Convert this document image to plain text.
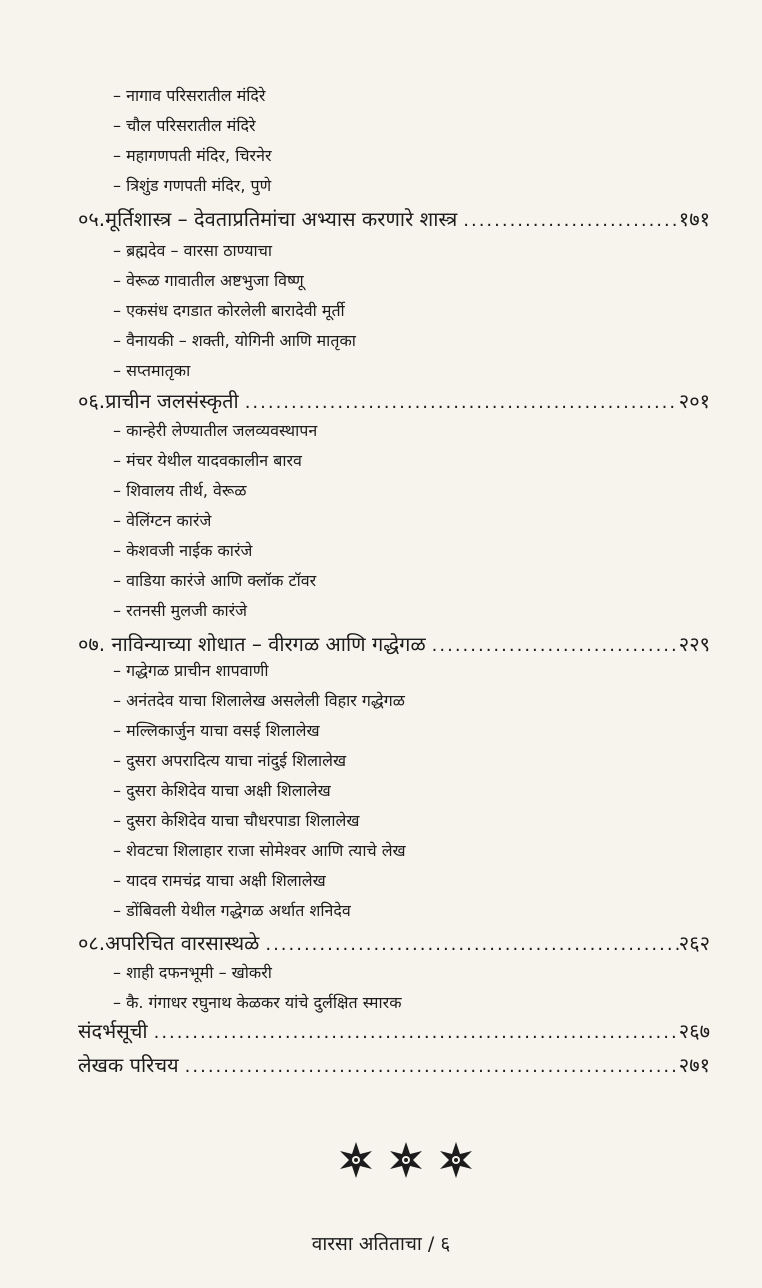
– नागाव परिसरातील मंदिरे
– चौल परिसरातील मंदिरे
– महागणपती मंदिर, चिरनेर
– त्रिशुंड गणपती मंदिर, पुणे
०५.मूर्तिशास्त्र – देवताप्रतिमांचा अभ्यास करणारे शास्त्र .....	१७१
– ब्रह्मदेव – वारसा ठाण्याचा
– वेरूळ गावातील अष्टभुजा विष्णू
– एकसंध दगडात कोरलेली बारादेवी मूर्ती
– वैनायकी – शक्ती, योगिनी आणि मातृका
– सप्तमातृका
०६.प्राचीन जलसंस्कृती .....	२०१
– कान्हेरी लेण्यातील जलव्यवस्थापन
– मंचर येथील यादवकालीन बारव
– शिवालय तीर्थ, वेरूळ
– वेलिंग्टन कारंजे
– केशवजी नाईक कारंजे
– वाडिया कारंजे आणि क्लॉक टॉवर
– रतनसी मुलजी कारंजे
०७. नाविन्याच्या शोधात – वीरगळ आणि गद्धेगळ .....	२२९
– गद्धेगळ प्राचीन शापवाणी
– अनंतदेव याचा शिलालेख असलेली विहार गद्धेगळ
– मल्लिकार्जुन याचा वसई शिलालेख
– दुसरा अपरादित्य याचा नांदुई शिलालेख
– दुसरा केशिदेव याचा अक्षी शिलालेख
– दुसरा केशिदेव याचा चौधरपाडा शिलालेख
– शेवटचा शिलाहार राजा सोमेश्वर आणि त्याचे लेख
– यादव रामचंद्र याचा अक्षी शिलालेख
– डोंबिवली येथील गद्धेगळ अर्थात शनिदेव
०८.अपरिचित वारसास्थळे .....	२६२
– शाही दफनभूमी – खोकरी
– कै. गंगाधर रघुनाथ केळकर यांचे दुर्लक्षित स्मारक
संदर्भसूची .....	२६७
लेखक परिचय .....	२७१
वारसा अतिताचा / ६
